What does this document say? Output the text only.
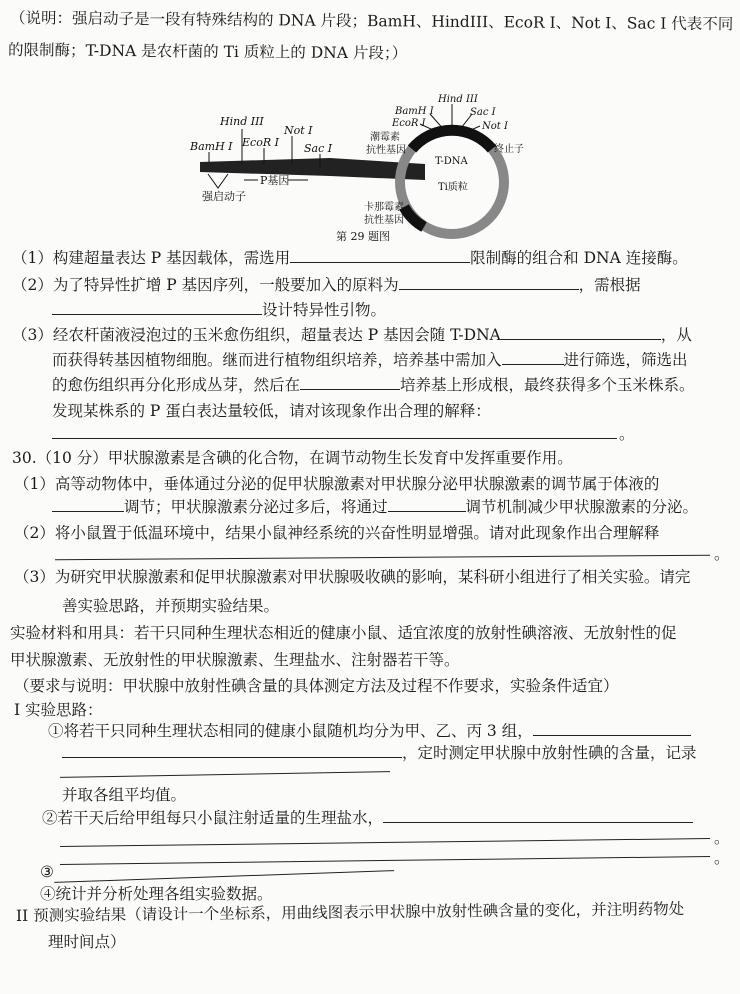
（说明：强启动子是一段有特殊结构的 DNA 片段；BamH、HindIII、EcoR I、Not I、Sac I 代表不同
的限制酶；T-DNA 是农杆菌的 Ti 质粒上的 DNA 片段；）
BamH I
Hind III
EcoR I
Not I
Sac I
P基因
强启动子
BamH I
Hind III
Sac I
EcoR I	Not I
潮霉素
抗性基因	终止子
T-DNA
Ti质粒
卡那霉素
抗性基因
第 29 题图
（1）构建超量表达 P 基因载体，需选用	限制酶的组合和 DNA 连接酶。
（2）为了特异性扩增 P 基因序列，一般要加入的原料为	，需根据
设计特异性引物。
（3）经农杆菌液浸泡过的玉米愈伤组织，超量表达 P 基因会随 T-DNA	，从
而获得转基因植物细胞。继而进行植物组织培养，培养基中需加入	进行筛选，筛选出
的愈伤组织再分化形成丛芽，然后在	培养基上形成根，最终获得多个玉米株系。
发现某株系的 P 蛋白表达量较低，请对该现象作出合理的解释：
。
30.（10 分）甲状腺激素是含碘的化合物，在调节动物生长发育中发挥重要作用。
（1）高等动物体中，垂体通过分泌的促甲状腺激素对甲状腺分泌甲状腺激素的调节属于体液的
调节；甲状腺激素分泌过多后，将通过	调节机制减少甲状腺激素的分泌。
（2）将小鼠置于低温环境中，结果小鼠神经系统的兴奋性明显增强。请对此现象作出合理解释
。
（3）为研究甲状腺激素和促甲状腺激素对甲状腺吸收碘的影响，某科研小组进行了相关实验。请完
善实验思路，并预期实验结果。
实验材料和用具：若干只同种生理状态相近的健康小鼠、适宜浓度的放射性碘溶液、无放射性的促
甲状腺激素、无放射性的甲状腺激素、生理盐水、注射器若干等。
（要求与说明：甲状腺中放射性碘含量的具体测定方法及过程不作要求，实验条件适宜）
I 实验思路：
①将若干只同种生理状态相同的健康小鼠随机均分为甲、乙、丙 3 组，
，定时测定甲状腺中放射性碘的含量，记录
并取各组平均值。
②若干天后给甲组每只小鼠注射适量的生理盐水，
。
。
③
④统计并分析处理各组实验数据。
II 预测实验结果（请设计一个坐标系，用曲线图表示甲状腺中放射性碘含量的变化，并注明药物处
理时间点）
